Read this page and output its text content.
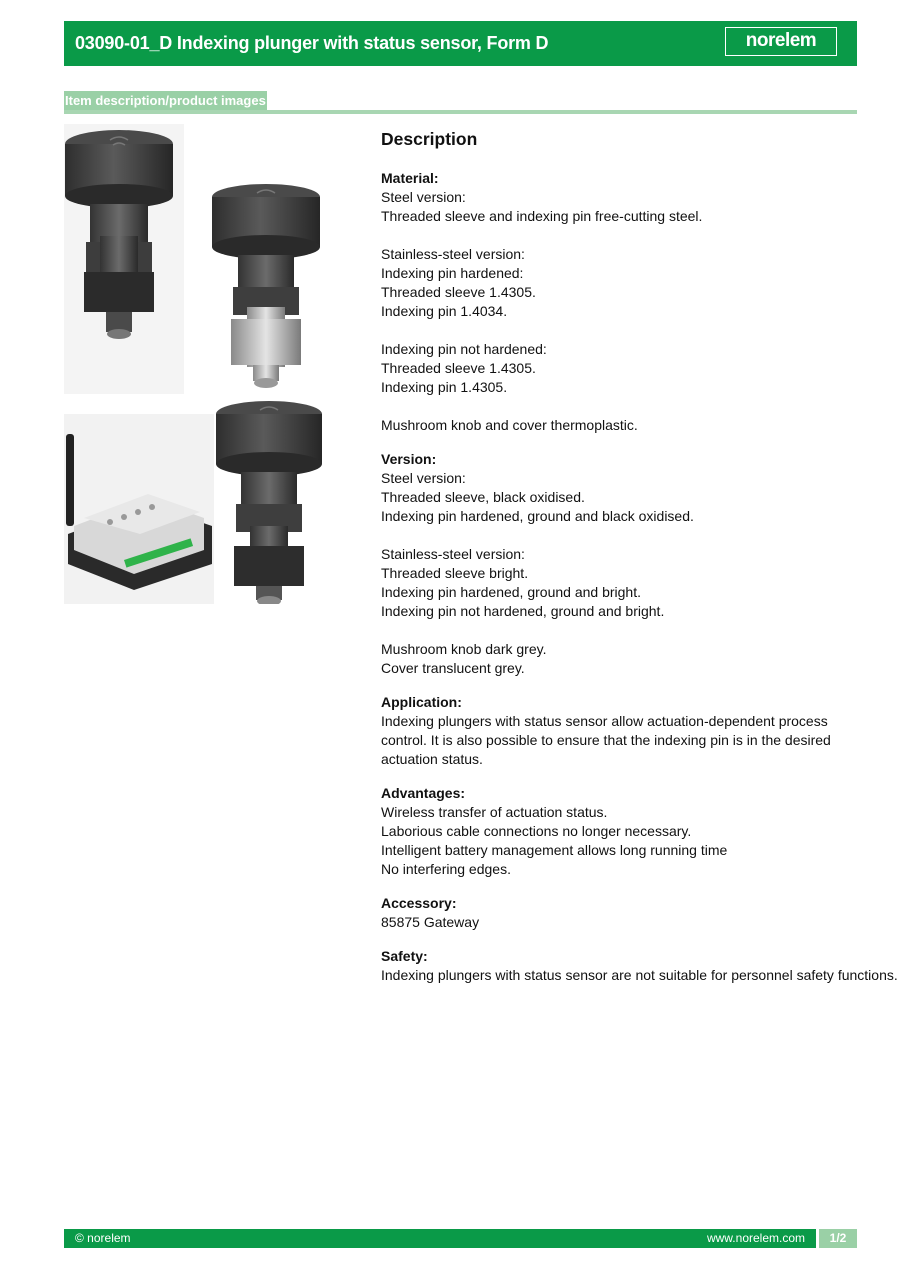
03090-01_D Indexing plunger with status sensor, Form D	norelem
Item description/product images
Description
Material:
Steel version:
Threaded sleeve and indexing pin free-cutting steel.
Stainless-steel version:
Indexing pin hardened:
Threaded sleeve 1.4305.
Indexing pin 1.4034.
Indexing pin not hardened:
Threaded sleeve 1.4305.
Indexing pin 1.4305.
Mushroom knob and cover thermoplastic.
Version:
Steel version:
Threaded sleeve, black oxidised.
Indexing pin hardened, ground and black oxidised.
Stainless-steel version:
Threaded sleeve bright.
Indexing pin hardened, ground and bright.
Indexing pin not hardened, ground and bright.
Mushroom knob dark grey.
Cover translucent grey.
Application:
Indexing plungers with status sensor allow actuation-dependent process control. It is also possible to ensure that the indexing pin is in the desired actuation status.
Advantages:
Wireless transfer of actuation status.
Laborious cable connections no longer necessary.
Intelligent battery management allows long running time
No interfering edges.
Accessory:
85875 Gateway
Safety:
Indexing plungers with status sensor are not suitable for personnel safety functions.
© norelem	www.norelem.com	1/2
